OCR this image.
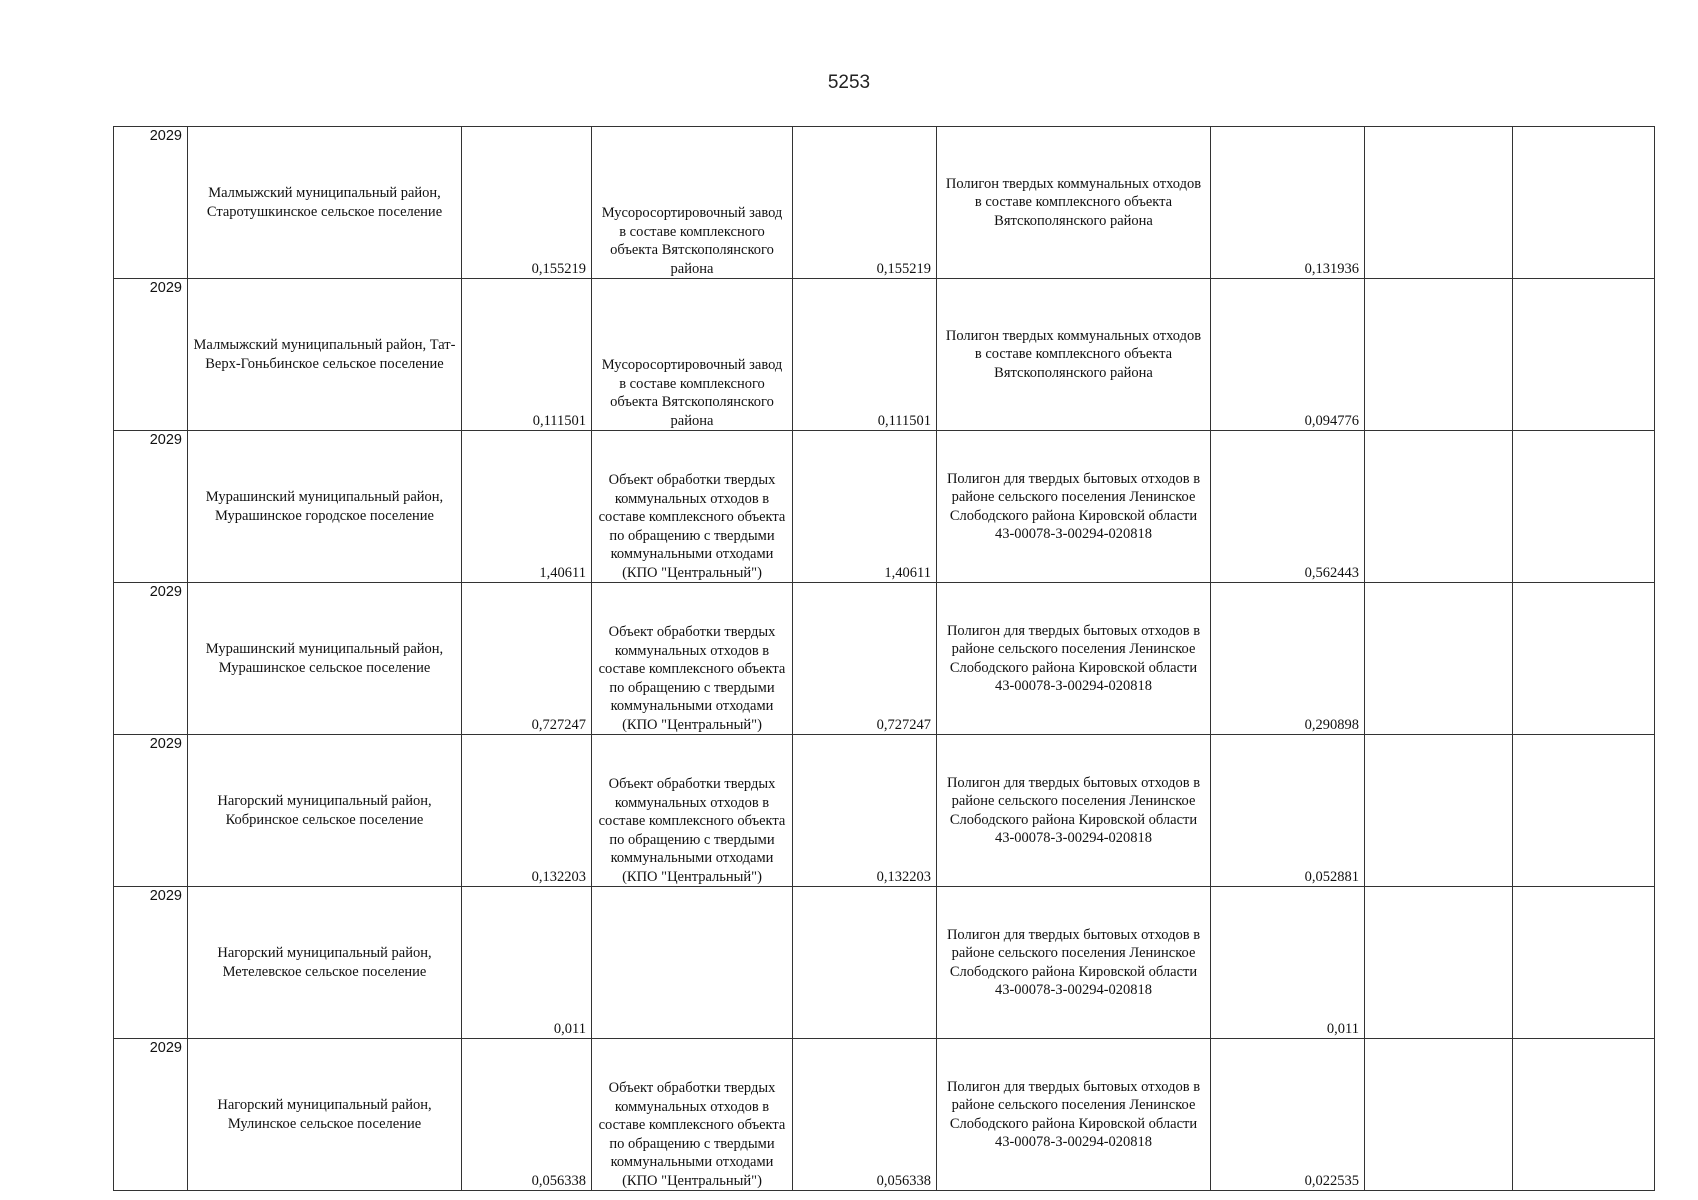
5253
2029	Малмыжский муниципальный район, Старотушкинское сельское поселение	0,155219	Мусоросортировочный завод в составе комплексного объекта Вятскополянского района	0,155219	Полигон твердых коммунальных отходов в составе комплексного объекта Вятскополянского района	0,131936		
2029	Малмыжский муниципальный район, Тат-Верх-Гоньбинское сельское поселение	0,111501	Мусоросортировочный завод в составе комплексного объекта Вятскополянского района	0,111501	Полигон твердых коммунальных отходов в составе комплексного объекта Вятскополянского района	0,094776		
2029	Мурашинский муниципальный район, Мурашинское городское поселение	1,40611	Объект обработки твердых коммунальных отходов в составе комплексного объекта по обращению с твердыми коммунальными отходами (КПО "Центральный")	1,40611	Полигон для твердых бытовых отходов в районе сельского поселения Ленинское Слободского района Кировской области 43-00078-З-00294-020818	0,562443		
2029	Мурашинский муниципальный район, Мурашинское сельское поселение	0,727247	Объект обработки твердых коммунальных отходов в составе комплексного объекта по обращению с твердыми коммунальными отходами (КПО "Центральный")	0,727247	Полигон для твердых бытовых отходов в районе сельского поселения Ленинское Слободского района Кировской области 43-00078-З-00294-020818	0,290898		
2029	Нагорский муниципальный район, Кобринское сельское поселение	0,132203	Объект обработки твердых коммунальных отходов в составе комплексного объекта по обращению с твердыми коммунальными отходами (КПО "Центральный")	0,132203	Полигон для твердых бытовых отходов в районе сельского поселения Ленинское Слободского района Кировской области 43-00078-З-00294-020818	0,052881		
2029	Нагорский муниципальный район, Метелевское сельское поселение	0,011			Полигон для твердых бытовых отходов в районе сельского поселения Ленинское Слободского района Кировской области 43-00078-З-00294-020818	0,011		
2029	Нагорский муниципальный район, Мулинское сельское поселение	0,056338	Объект обработки твердых коммунальных отходов в составе комплексного объекта по обращению с твердыми коммунальными отходами (КПО "Центральный")	0,056338	Полигон для твердых бытовых отходов в районе сельского поселения Ленинское Слободского района Кировской области 43-00078-З-00294-020818	0,022535		
